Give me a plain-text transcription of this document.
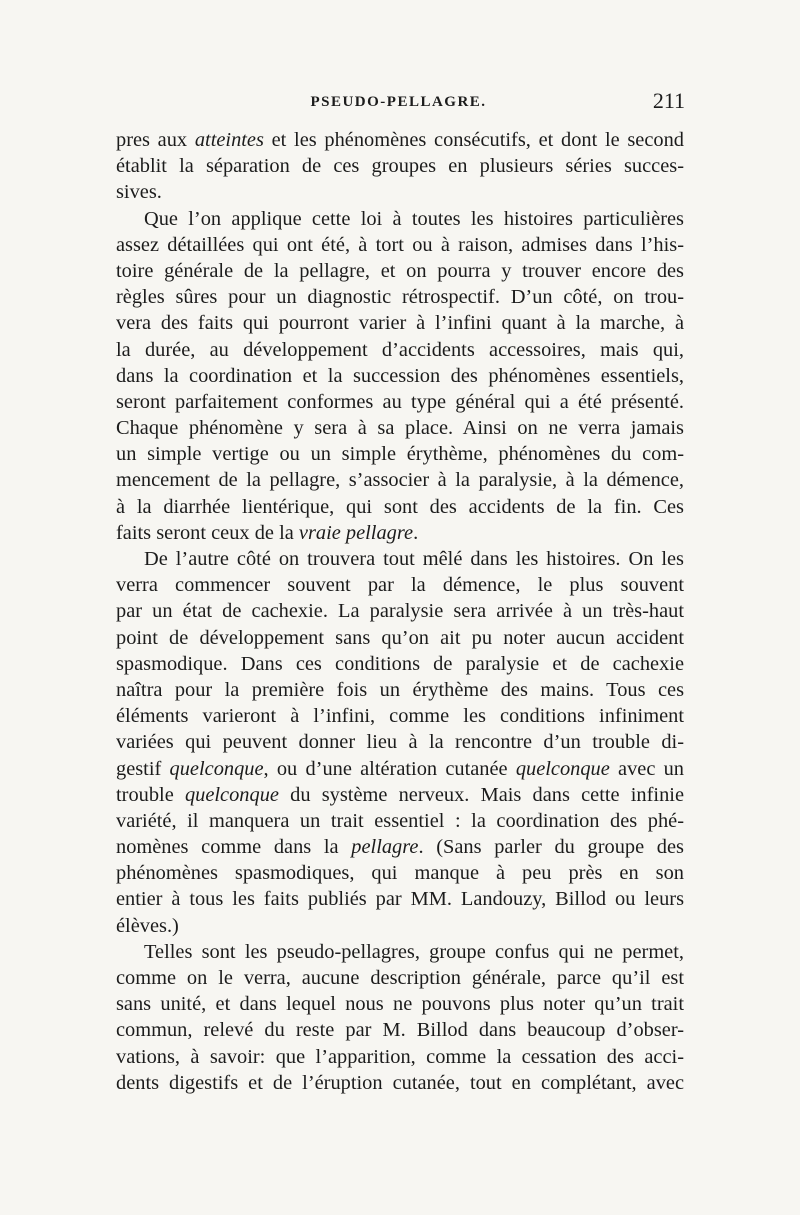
PSEUDO-PELLAGRE.	211
pres aux atteintes et les phénomènes consécutifs, et dont le second
établit la séparation de ces groupes en plusieurs séries succes-
sives.
Que l’on applique cette loi à toutes les histoires particulières
assez détaillées qui ont été, à tort ou à raison, admises dans l’his-
toire générale de la pellagre, et on pourra y trouver encore des
règles sûres pour un diagnostic rétrospectif. D’un côté, on trou-
vera des faits qui pourront varier à l’infini quant à la marche, à
la durée, au développement d’accidents accessoires, mais qui,
dans la coordination et la succession des phénomènes essentiels,
seront parfaitement conformes au type général qui a été présenté.
Chaque phénomène y sera à sa place. Ainsi on ne verra jamais
un simple vertige ou un simple érythème, phénomènes du com-
mencement de la pellagre, s’associer à la paralysie, à la démence,
à la diarrhée lientérique, qui sont des accidents de la fin. Ces
faits seront ceux de la vraie pellagre.
De l’autre côté on trouvera tout mêlé dans les histoires. On les
verra commencer souvent par la démence, le plus souvent
par un état de cachexie. La paralysie sera arrivée à un très-haut
point de développement sans qu’on ait pu noter aucun accident
spasmodique. Dans ces conditions de paralysie et de cachexie
naîtra pour la première fois un érythème des mains. Tous ces
éléments varieront à l’infini, comme les conditions infiniment
variées qui peuvent donner lieu à la rencontre d’un trouble di-
gestif quelconque, ou d’une altération cutanée quelconque avec un
trouble quelconque du système nerveux. Mais dans cette infinie
variété, il manquera un trait essentiel : la coordination des phé-
nomènes comme dans la pellagre. (Sans parler du groupe des
phénomènes spasmodiques, qui manque à peu près en son
entier à tous les faits publiés par MM. Landouzy, Billod ou leurs
élèves.)
Telles sont les pseudo-pellagres, groupe confus qui ne permet,
comme on le verra, aucune description générale, parce qu’il est
sans unité, et dans lequel nous ne pouvons plus noter qu’un trait
commun, relevé du reste par M. Billod dans beaucoup d’obser-
vations, à savoir: que l’apparition, comme la cessation des acci-
dents digestifs et de l’éruption cutanée, tout en complétant, avec
